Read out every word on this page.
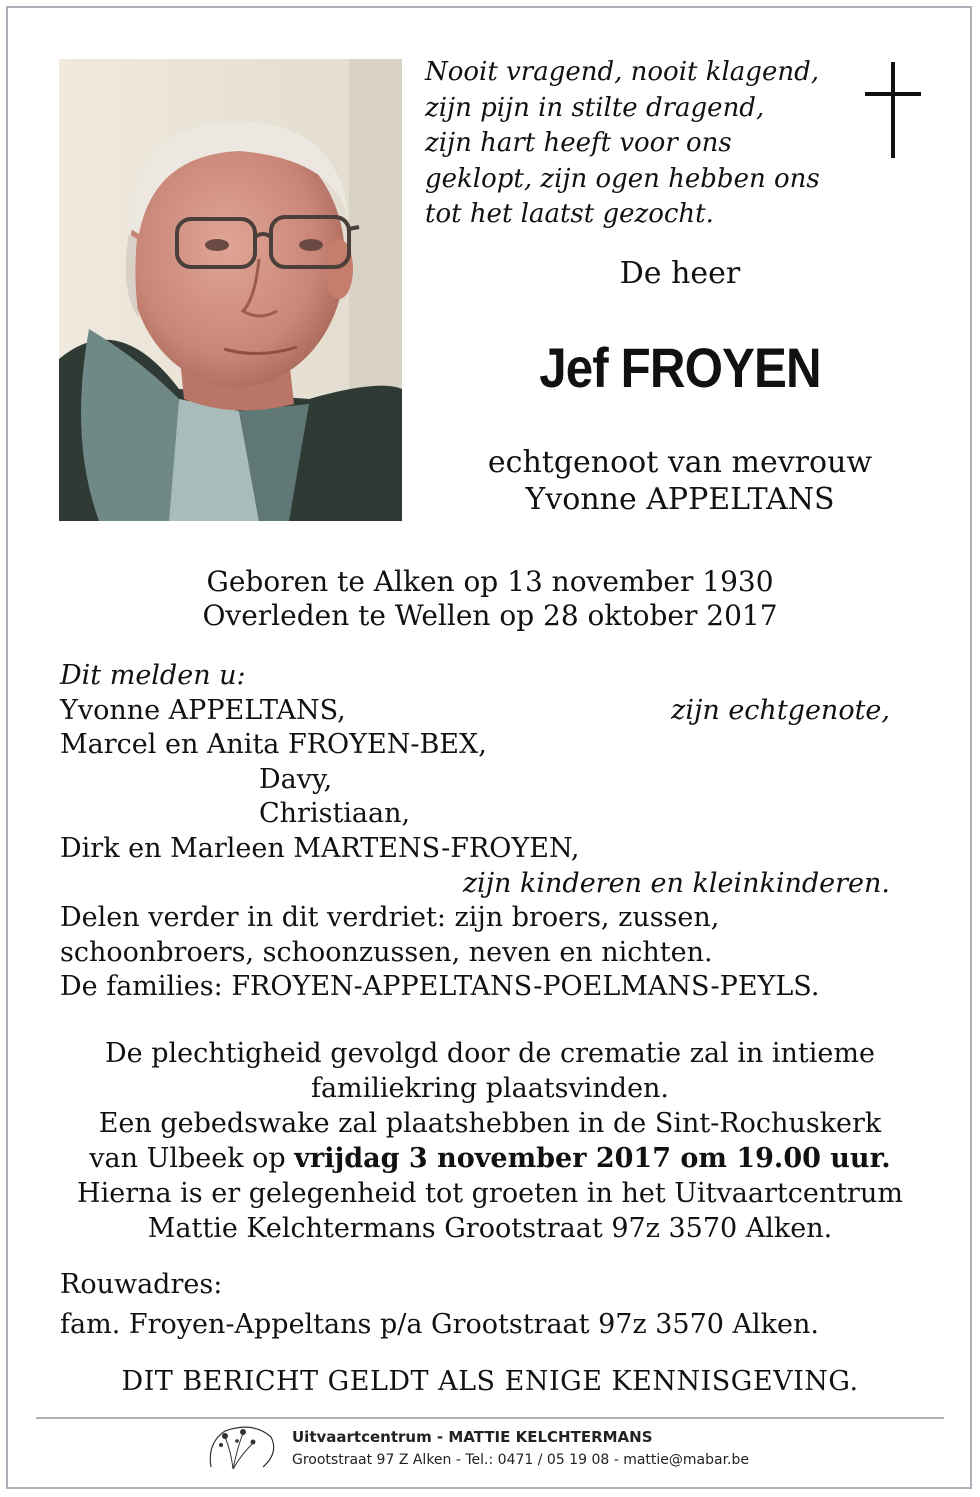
Nooit vragend, nooit klagend,
zijn pijn in stilte dragend,
zijn hart heeft voor ons
geklopt, zijn ogen hebben ons
tot het laatst gezocht.
De heer
Jef FROYEN
echtgenoot van mevrouw
Yvonne APPELTANS
Geboren te Alken op 13 november 1930
Overleden te Wellen op 28 oktober 2017
Dit melden u:
Yvonne APPELTANS,	zijn echtgenote,
Marcel en Anita FROYEN-BEX,
Davy,
Christiaan,
Dirk en Marleen MARTENS-FROYEN,
zijn kinderen en kleinkinderen.
Delen verder in dit verdriet: zijn broers, zussen,
schoonbroers, schoonzussen, neven en nichten.
De families: FROYEN-APPELTANS-POELMANS-PEYLS.
De plechtigheid gevolgd door de crematie zal in intieme
familiekring plaatsvinden.
Een gebedswake zal plaatshebben in de Sint-Rochuskerk
van Ulbeek op vrijdag 3 november 2017 om 19.00 uur.
Hierna is er gelegenheid tot groeten in het Uitvaartcentrum
Mattie Kelchtermans Grootstraat 97z 3570 Alken.
Rouwadres:
fam. Froyen-Appeltans p/a Grootstraat 97z 3570 Alken.
DIT BERICHT GELDT ALS ENIGE KENNISGEVING.
Uitvaartcentrum - MATTIE KELCHTERMANS
Grootstraat 97 Z Alken - Tel.: 0471 / 05 19 08 - mattie@mabar.be
